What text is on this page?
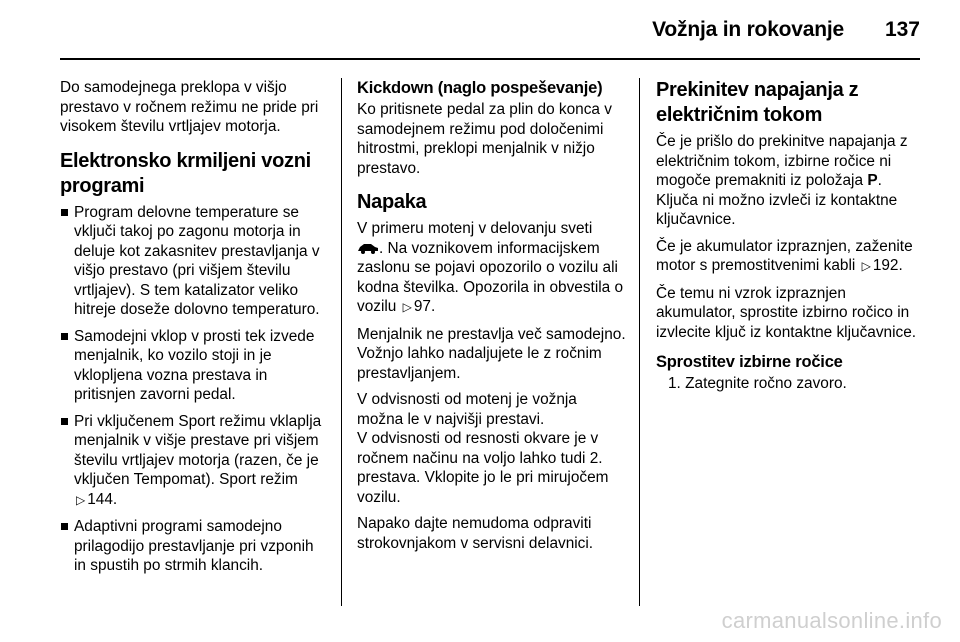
Vožnja in rokovanje 137

Do samodejnega preklopa v višjo prestavo v ročnem režimu ne pride pri visokem številu vrtljajev motorja.

Elektronsko krmiljeni vozni programi
Program delovne temperature se vključi takoj po zagonu motorja in deluje kot zakasnitev prestavljanja v višjo prestavo (pri višjem številu vrtljajev). S tem katalizator veliko hitreje doseže dolovno temperaturo.
Samodejni vklop v prosti tek izvede menjalnik, ko vozilo stoji in je vklopljena vozna prestava in pritisnjen zavorni pedal.
Pri vključenem Sport režimu vklaplja menjalnik v višje prestave pri višjem številu vrtljajev motorja (razen, če je vključen Tempomat). Sport režim ▷ 144.
Adaptivni programi samodejno prilagodijo prestavljanje pri vzponih in spustih po strmih klancih.
Kickdown (naglo pospeševanje)

Ko pritisnete pedal za plin do konca v samodejnem režimu pod določenimi hitrostmi, preklopi menjalnik v nižjo prestavo.

Napaka

V primeru motenj v delovanju sveti
. Na voznikovem informacijskem zaslonu se pojavi opozorilo o vozilu ali kodna številka. Opozorila in obvestila o vozilu ▷ 97.

Menjalnik ne prestavlja več samodejno. Vožnjo lahko nadaljujete le z ročnim prestavljanjem.

V odvisnosti od motenj je vožnja možna le v najvišji prestavi.
V odvisnosti od resnosti okvare je v ročnem načinu na voljo lahko tudi 2. prestava. Vklopite jo le pri mirujočem vozilu.

Napako dajte nemudoma odpraviti strokovnjakom v servisni delavnici.

Prekinitev napajanja z električnim tokom

Če je prišlo do prekinitve napajanja z električnim tokom, izbirne ročice ni mogoče premakniti iz položaja P. Ključa ni možno izvleči iz kontaktne ključavnice.

Če je akumulator izpraznjen, zaženite motor s premostitvenimi kabli ▷ 192.

Če temu ni vzrok izpraznjen akumulator, sprostite izbirno ročico in izvlecite ključ iz kontaktne ključavnice.

Sprostitev izbirne ročice

1. Zategnite ročno zavoro.

carmanualsonline.info
